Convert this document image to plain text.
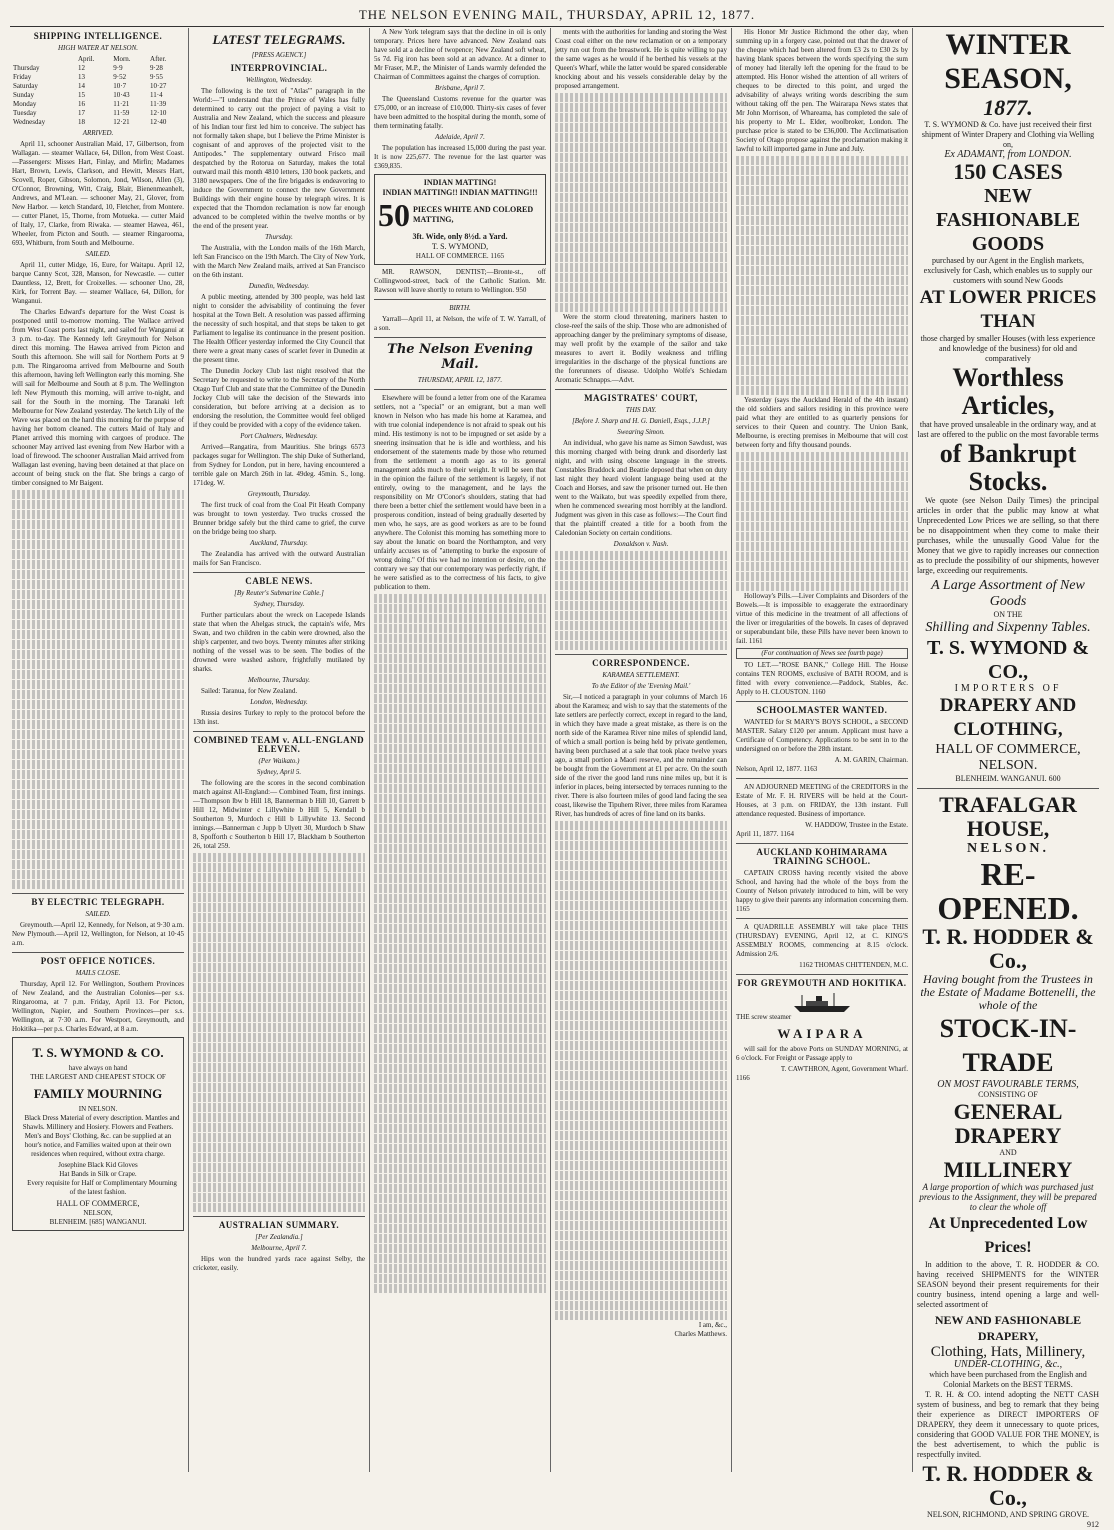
THE NELSON EVENING MAIL, THURSDAY, APRIL 12, 1877.
SHIPPING INTELLIGENCE.
HIGH WATER AT NELSON.
	April.	Morn.	After.
Thursday	12	9·9	9·28
Friday	13	9·52	9·55
Saturday	14	10·7	10·27
Sunday	15	10·43	11·4
Monday	16	11·21	11·39
Tuesday	17	11·59	12·10
Wednesday	18	12·21	12·40
ARRIVED.

April 11, schooner Australian Maid, 17, Gilbertson, from Wallagan. — steamer Wallace, 64, Dillon, from West Coast.—Passengers: Misses Hart, Finlay, and Mirfin; Madames Hart, Brown, Lewis, Clarkson, and Hewitt, Messrs Hart, Scovell, Roper, Gibson, Solomon, Jond, Wilson, Allen (3), O'Connor, Browning, Witt, Craig, Blair, Bienenmeanhelt, Andrews, and M'Lean. — schooner May, 21, Glover, from New Harbor. — ketch Standard, 10, Fletcher, from Montere. — cutter Planet, 15, Thorne, from Motueka. — cutter Maid of Italy, 17, Clarke, from Riwaka. — steamer Hawea, 461, Wheeler, from Picton and South. — steamer Ringarooma, 693, Whitburn, from South and Melbourne.

SAILED.

April 11, cutter Midge, 16, Eure, for Waitapu. April 12, barque Canny Scot, 328, Manson, for Newcastle. — cutter Dauntless, 12, Brett, for Croixelles. — schooner Uno, 28, Kirk, for Torrent Bay. — steamer Wallace, 64, Dillon, for Wanganui.

The Charles Edward's departure for the West Coast is postponed until to-morrow morning. The Wallace arrived from West Coast ports last night, and sailed for Wanganui at 3 p.m. to-day. The Kennedy left Greymouth for Nelson direct this morning. The Hawea arrived from Picton and South this afternoon. She will sail for Northern Ports at 9 p.m. The Ringarooma arrived from Melbourne and South this afternoon, having left Wellington early this morning. She will sail for Melbourne and South at 8 p.m. The Wellington left New Plymouth this morning, will arrive to-night, and sail for the South in the morning. The Taranaki left Melbourne for New Zealand yesterday. The ketch Lily of the Wave was placed on the hard this morning for the purpose of having her bottom cleaned. The cutters Maid of Italy and Planet arrived this morning with cargoes of produce. The schooner May arrived last evening from New Harbor with a load of firewood. The schooner Australian Maid arrived from Wallagan last evening, having been detained at that place on account of being stuck on the flat. She brings a cargo of timber consigned to Mr Baigent.

BY ELECTRIC TELEGRAPH.
SAILED.

Greymouth.—April 12, Kennedy, for Nelson, at 9·30 a.m. New Plymouth.—April 12, Wellington, for Nelson, at 10·45 a.m.

POST OFFICE NOTICES.
MAILS CLOSE.

Thursday, April 12. For Wellington, Southern Provinces of New Zealand, and the Australian Colonies—per s.s. Ringarooma, at 7 p.m. Friday, April 13. For Picton, Wellington, Napier, and Southern Provinces—per s.s. Wellington, at 7·30 a.m. For Westport, Greymouth, and Hokitika—per p.s. Charles Edward, at 8 a.m.

T. S. WYMOND & CO.
have always on hand
THE LARGEST AND CHEAPEST STOCK OF
FAMILY MOURNING
IN NELSON.

Black Dress Material of every description. Mantles and Shawls. Millinery and Hosiery. Flowers and Feathers. Men's and Boys' Clothing, &c. can be supplied at an hour's notice, and Families waited upon at their own residences when required, without extra charge.

Josephine Black Kid Gloves
Hat Bands in Silk or Crape.

Every requisite for Half or Complimentary Mourning of the latest fashion.

HALL OF COMMERCE,
NELSON,
BLENHEIM. [685] WANGANUI.
LATEST TELEGRAMS.
[PRESS AGENCY.]
INTERPROVINCIAL.
Wellington, Wednesday.

The following is the text of "Atlas'" paragraph in the World:—"I understand that the Prince of Wales has fully determined to carry out the project of paying a visit to Australia and New Zealand, which the success and pleasure of his Indian tour first led him to conceive. The subject has not formally taken shape, but I believe the Prime Minister is cognisant of and approves of the projected visit to the Antipodes." The supplementary outward Frisco mail despatched by the Rotorua on Saturday, makes the total outward mail this month 4810 letters, 130 book packets, and 3180 newspapers. One of the fire brigades is endeavoring to induce the Government to connect the new Government Buildings with their engine house by telegraph wires. It is expected that the Thorndon reclamation is now far enough advanced to be completed within the twelve months or by the end of the present year.

Thursday.

The Australia, with the London mails of the 16th March, left San Francisco on the 19th March. The City of New York, with the March New Zealand mails, arrived at San Francisco on the 6th instant.

Dunedin, Wednesday.

A public meeting, attended by 300 people, was held last night to consider the advisability of continuing the fever hospital at the Town Belt. A resolution was passed affirming the necessity of such hospital, and that steps be taken to get Parliament to legalise its continuance in the present position. The Health Officer yesterday informed the City Council that there were a great many cases of scarlet fever in Dunedin at the present time.

The Dunedin Jockey Club last night resolved that the Secretary be requested to write to the Secretary of the North Otago Turf Club and state that the Committee of the Dunedin Jockey Club will take the decision of the Stewards into consideration, but before arriving at a decision as to endorsing the resolution, the Committee would feel obliged if they could be provided with a copy of the evidence taken.

Port Chalmers, Wednesday.

Arrived—Rangatira, from Mauritius. She brings 6573 packages sugar for Wellington. The ship Duke of Sutherland, from Sydney for London, put in here, having encountered a terrible gale on March 26th in lat. 49deg. 45min. S., long. 171deg. W.

Greymouth, Thursday.

The first truck of coal from the Coal Pit Heath Company was brought to town yesterday. Two trucks crossed the Brunner bridge safely but the third came to grief, the curve on the bridge being too sharp.

Auckland, Thursday.

The Zealandia has arrived with the outward Australian mails for San Francisco.

CABLE NEWS.
[By Reuter's Submarine Cable.]
Sydney, Thursday.

Further particulars about the wreck on Lacepede Islands state that when the Ahelgas struck, the captain's wife, Mrs Swan, and two children in the cabin were drowned, also the ship's carpenter, and two boys. Twenty minutes after striking nothing of the vessel was to be seen. The bodies of the drowned were washed ashore, frightfully mutilated by sharks.

Melbourne, Thursday.

Sailed: Taranua, for New Zealand.

London, Wednesday.

Russia desires Turkey to reply to the protocol before the 13th inst.

COMBINED TEAM v. ALL-ENGLAND ELEVEN.
(Per Waikato.)
Sydney, April 5.

The following are the scores in the second combination match against All-England:— Combined Team, first innings.—Thompson lbw b Hill 18, Bannerman b Hill 10, Garrett b Hill 12, Midwinter c Lillywhite b Hill 5, Kendall b Southerton 9, Murdoch c Hill b Lillywhite 13. Second innings.—Bannerman c Jupp b Ulyett 30, Murdoch b Shaw 8, Spofforth c Southerton b Hill 17, Blackham b Southerton 26, total 259.

AUSTRALIAN SUMMARY.
[Per Zealandia.]
Melbourne, April 7.

Hips won the hundred yards race against Selby, the cricketer, easily.

A New York telegram says that the decline in oil is only temporary. Prices here have advanced. New Zealand oats have sold at a decline of twopence; New Zealand soft wheat, 5s 7d. Fig iron has been sold at an advance. At a dinner to Mr Fraser, M.P., the Minister of Lands warmly defended the Chairman of Committees against the charges of corruption.

Brisbane, April 7.

The Queensland Customs revenue for the quarter was £75,000, or an increase of £10,000. Thirty-six cases of fever have been admitted to the hospital during the month, some of them terminating fatally.

Adelaide, April 7.

The population has increased 15,000 during the past year. It is now 225,677. The revenue for the last quarter was £369,835.

INDIAN MATTING!
INDIAN MATTING!! INDIAN MATTING!!!
50 PIECES WHITE AND COLORED MATTING,
3ft. Wide, only 8½d. a Yard.
T. S. WYMOND,
HALL OF COMMERCE. 1165

MR. RAWSON, DENTIST;—Bronte-st., off Collingwood-street, back of the Catholic Station. Mr. Rawson will leave shortly to return to Wellington. 950

BIRTH.

Yarrall—April 11, at Nelson, the wife of T. W. Yarrall, of a son.

The Nelson Evening Mail.
THURSDAY, APRIL 12, 1877.

Elsewhere will be found a letter from one of the Karamea settlers, not a "special" or an emigrant, but a man well known in Nelson who has made his home at Karamea, and with true colonial independence is not afraid to speak out his mind. His testimony is not to be impugned or set aside by a sneering insinuation that he is idle and worthless, and his endorsement of the statements made by those who returned from the settlement a month ago as to its general management adds much to their weight. It will be seen that in the opinion the failure of the settlement is largely, if not entirely, owing to the management, and he lays the responsibility on Mr O'Conor's shoulders, stating that had there been a better chief the settlement would have been in a prosperous condition, instead of being gradually deserted by men who, he says, are as good workers as are to be found anywhere. The Colonist this morning has something more to say about the lunatic on board the Northampton, and very unfairly accuses us of "attempting to burke the exposure of wrong doing." Of this we had no intention or desire, on the contrary we say that our contemporary was perfectly right, if he were satisfied as to the correctness of his facts, to give publication to them.

ments with the authorities for landing and storing the West Coast coal either on the new reclamation or on a temporary jetty run out from the breastwork. He is quite willing to pay the same wages as he would if he berthed his vessels at the Queen's Wharf, while the latter would be spared considerable knocking about and his vessels considerable delay by the proposed arrangement.

Were the storm cloud threatening, mariners hasten to close-reef the sails of the ship. Those who are admonished of approaching danger by the preliminary symptoms of disease, may well profit by the example of the sailor and take measures to avert it. Bodily weakness and trifling irregularities in the discharge of the physical functions are the forerunners of disease. Udolpho Wolfe's Schiedam Aromatic Schnapps.—Advt.

MAGISTRATES' COURT,
THIS DAY.
[Before J. Sharp and H. G. Daniell, Esqs., J.J.P.]
Swearing Simon.

An individual, who gave his name as Simon Sawdust, was this morning charged with being drunk and disorderly last night, and with using obscene language in the streets. Constables Braddock and Beattie deposed that when on duty last night they heard violent language being used at the Coach and Horses, and saw the prisoner turned out. He then went to the Waikato, but was speedily expelled from there, when he commenced swearing most horribly at the landlord. Judgment was given in this case as follows:—The Court find that the plaintiff created a title for a booth from the Caledonian Society on certain conditions.

Donaldson v. Nash.
CORRESPONDENCE.
KARAMEA SETTLEMENT.
To the Editor of the 'Evening Mail.'

Sir,—I noticed a paragraph in your columns of March 16 about the Karamea; and wish to say that the statements of the late settlers are perfectly correct, except in regard to the land, in which they have made a great mistake, as there is on the north side of the Karamea River nine miles of splendid land, of which a small portion is being held by private gentlemen, having been purchased at a sale that took place twelve years ago, a small portion a Maori reserve, and the remainder can be bought from the Government at £1 per acre. On the south side of the river the good land runs nine miles up, but it is inferior in places, being intersected by terraces running to the river. There is also fourteen miles of good land facing the sea coast, likewise the Tipuhem River, three miles from Karamea River, has hundreds of acres of fine land on its banks.

I am, &c.,
Charles Matthews.

His Honor Mr Justice Richmond the other day, when summing up in a forgery case, pointed out that the drawer of the cheque which had been altered from £3 2s to £30 2s by having blank spaces between the words specifying the sum of money had literally left the opening for the fraud to be attempted. His Honor wished the attention of all writers of cheques to be directed to this point, and urged the advisability of always writing words describing the sum without taking off the pen. The Wairarapa News states that Mr John Morrison, of Whareama, has completed the sale of his property to Mr L. Elder, woolbroker, London. The purchase price is stated to be £36,000. The Acclimatisation Society of Otago propose against the proclamation making it lawful to kill imported game in June and July.

Yesterday (says the Auckland Herald of the 4th instant) the old soldiers and sailors residing in this province were paid what they are entitled to as quarterly pensions for services to their Queen and country. The Union Bank, Melbourne, is erecting premises in Melbourne that will cost between forty and fifty thousand pounds.

Holloway's Pills.—Liver Complaints and Disorders of the Bowels.—It is impossible to exaggerate the extraordinary virtue of this medicine in the treatment of all affections of the liver or irregularities of the bowels. In cases of depraved or superabundant bile, these Pills have never been known to fail. 1161

(For continuation of News see fourth page)

TO LET.—"ROSE BANK," College Hill. The House contains TEN ROOMS, exclusive of BATH ROOM, and is fitted with every convenience.—Paddock, Stables, &c. Apply to H. CLOUSTON. 1160

SCHOOLMASTER WANTED.

WANTED for St MARY'S BOYS SCHOOL, a SECOND MASTER. Salary £120 per annum. Applicant must have a Certificate of Competency. Applications to be sent in to the undersigned on or before the 28th instant.

A. M. GARIN, Chairman.
Nelson, April 12, 1877. 1163

AN ADJOURNED MEETING of the CREDITORS in the Estate of Mr. F. H. RIVERS will be held at the Court-Houses, at 3 p.m. on FRIDAY, the 13th instant. Full attendance requested. Business of importance.

W. HADDOW, Trustee in the Estate.
April 11, 1877. 1164
AUCKLAND KOHIMARAMA TRAINING SCHOOL.

CAPTAIN CROSS having recently visited the above School, and having had the whole of the boys from the County of Nelson privately introduced to him, will be very happy to give their parents any information concerning them. 1165

A QUADRILLE ASSEMBLY will take place THIS (THURSDAY) EVENING, April 12, at C. KING'S ASSEMBLY ROOMS, commencing at 8.15 o'clock. Admission 2/6.

1162 THOMAS CHITTENDEN, M.C.
FOR GREYMOUTH AND HOKITIKA.
THE screw steamer
WAIPARA

will sail for the above Ports on SUNDAY MORNING, at 6 o'clock. For Freight or Passage apply to

T. CAWTHRON, Agent, Government Wharf.
1166
WINTER SEASON,
1877.
T. S. WYMOND & Co. have just received their first shipment of Winter Drapery and Clothing via Welling on,
Ex ADAMANT, from LONDON.
150 CASES
NEW FASHIONABLE GOODS
purchased by our Agent in the English markets, exclusively for Cash, which enables us to supply our customers with sound New Goods
AT LOWER PRICES THAN
those charged by smaller Houses (with less experience and knowledge of the business) for old and comparatively
Worthless Articles,
that have proved unsaleable in the ordinary way, and at last are offered to the public on the most favorable terms
of Bankrupt Stocks.

We quote (see Nelson Daily Times) the principal articles in order that the public may know at what Unprecedented Low Prices we are selling, so that there be no disappointment when they come to make their purchases, while the unusually Good Value for the Money that we give to rapidly increases our connection as to preclude the possibility of our shipments, however large, exceeding our requirements.

A Large Assortment of New Goods
ON THE
Shilling and Sixpenny Tables.
T. S. WYMOND & CO.,
IMPORTERS OF
DRAPERY AND CLOTHING,
HALL OF COMMERCE,
NELSON.
BLENHEIM. WANGANUI. 600
TRAFALGAR HOUSE,
NELSON.
RE-OPENED.
T. R. HODDER & Co.,
Having bought from the Trustees in the Estate of Madame Bottenelli, the whole of the
STOCK-IN-TRADE
ON MOST FAVOURABLE TERMS,
CONSISTING OF
GENERAL DRAPERY
AND
MILLINERY
A large proportion of which was purchased just previous to the Assignment, they will be prepared to clear the whole off
At Unprecedented Low Prices!

In addition to the above, T. R. HODDER & CO. having received SHIPMENTS for the WINTER SEASON beyond their present requirements for their country business, intend opening a large and well-selected assortment of

NEW AND FASHIONABLE DRAPERY,
Clothing, Hats, Millinery,
UNDER-CLOTHING, &c.,
which have been purchased from the English and Colonial Markets on the BEST TERMS.

T. R. H. & CO. intend adopting the NETT CASH system of business, and beg to remark that they being their experience as DIRECT IMPORTERS OF DRAPERY, they deem it unnecessary to quote prices, considering that GOOD VALUE FOR THE MONEY, is the best advertisement, to which the public is respectfully invited.

T. R. HODDER & Co.,
NELSON, RICHMOND, AND SPRING GROVE.
912
